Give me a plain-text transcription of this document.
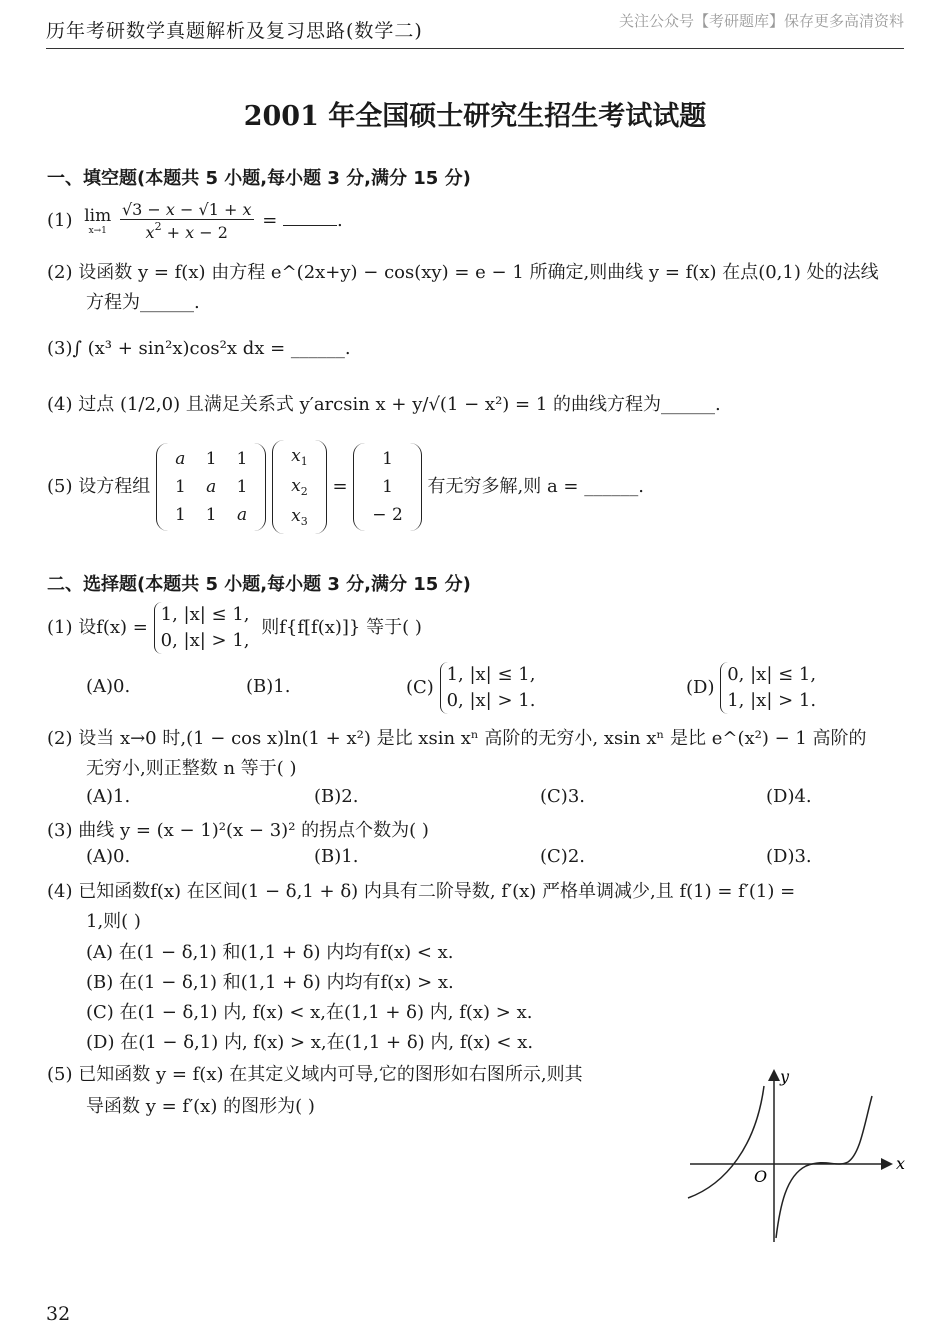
历年考研数学真题解析及复习思路(数学二)	关注公众号【考研题库】保存更多高清资料
2001 年全国硕士研究生招生考试试题
一、填空题(本题共 5 小题,每小题 3 分,满分 15 分)
(1) lim
x→1
$\frac{√3 - x - √1 + x}{x^2 + x - 2}$ =	.
(2) 设函数 y = f(x) 由方程 e^(2x+y) − cos(xy) = e − 1 所确定,则曲线 y = f(x) 在点(0,1) 处的法线
方程为______.
(3)∫ (x³ + sin²x)cos²x dx = ______.
(4) 过点 (1/2,0) 且满足关系式 y′arcsin x + y/√(1 − x²) = 1 的曲线方程为______.
(5) 设方程组
a	1	1
1	a	1
1	1	a

$x_1$
$x_2$
$x_3$
=
1
1
− 2
有无穷多解,则 a = ______.
二、选择题(本题共 5 小题,每小题 3 分,满分 15 分)
(1) 设f(x) =
1, |x| ≤ 1,
0, |x| > 1,
则f{f[f(x)]} 等于( )
(A)0.	(B)1.	(C)
1, |x| ≤ 1,
0, |x| > 1.
(D)
0, |x| ≤ 1,
1, |x| > 1.
(2) 设当 x→0 时,(1 − cos x)ln(1 + x²) 是比 xsin xⁿ 高阶的无穷小, xsin xⁿ 是比 e^(x²) − 1 高阶的
无穷小,则正整数 n 等于( )
(A)1.	(B)2.	(C)3.	(D)4.
(3) 曲线 y = (x − 1)²(x − 3)² 的拐点个数为( )
(A)0.	(B)1.	(C)2.	(D)3.
(4) 已知函数f(x) 在区间(1 − δ,1 + δ) 内具有二阶导数, f′(x) 严格单调减少,且 f(1) = f′(1) =
1,则( )
(A) 在(1 − δ,1) 和(1,1 + δ) 内均有f(x) < x.
(B) 在(1 − δ,1) 和(1,1 + δ) 内均有f(x) > x.
(C) 在(1 − δ,1) 内, f(x) < x,在(1,1 + δ) 内, f(x) > x.
(D) 在(1 − δ,1) 内, f(x) > x,在(1,1 + δ) 内, f(x) < x.
(5) 已知函数 y = f(x) 在其定义域内可导,它的图形如右图所示,则其
导函数 y = f′(x) 的图形为( )
x
y
O
32
